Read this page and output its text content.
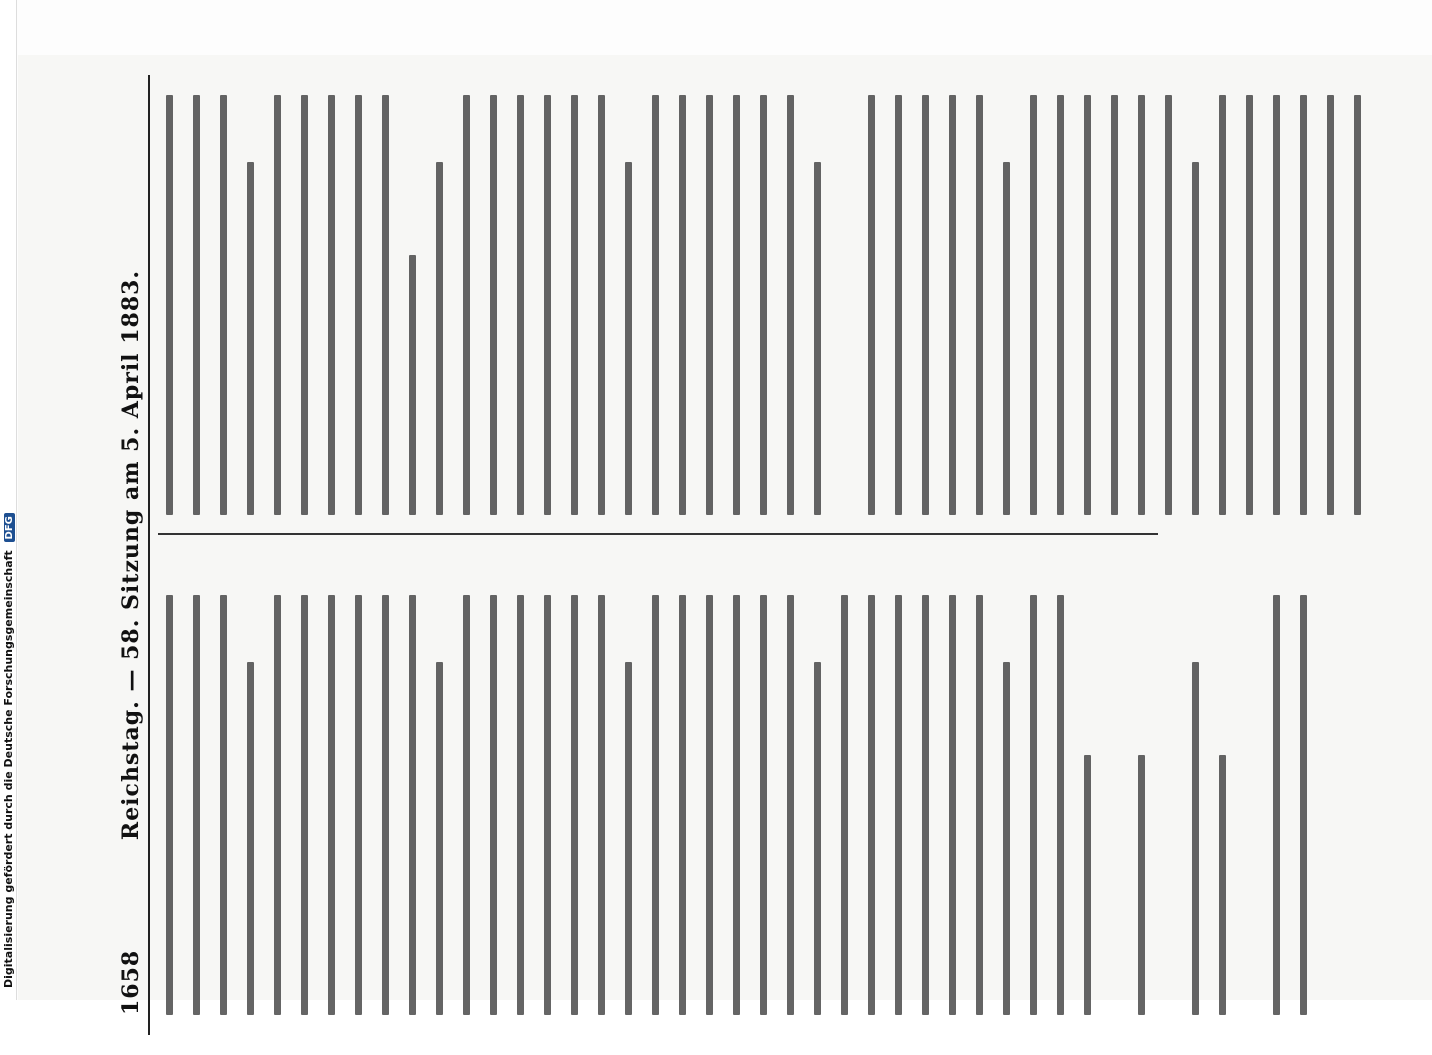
Digitalisierung gefördert durch die Deutsche Forschungsgemeinschaft DFG
1658
Reichstag. — 58. Sitzung am 5. April 1883.
